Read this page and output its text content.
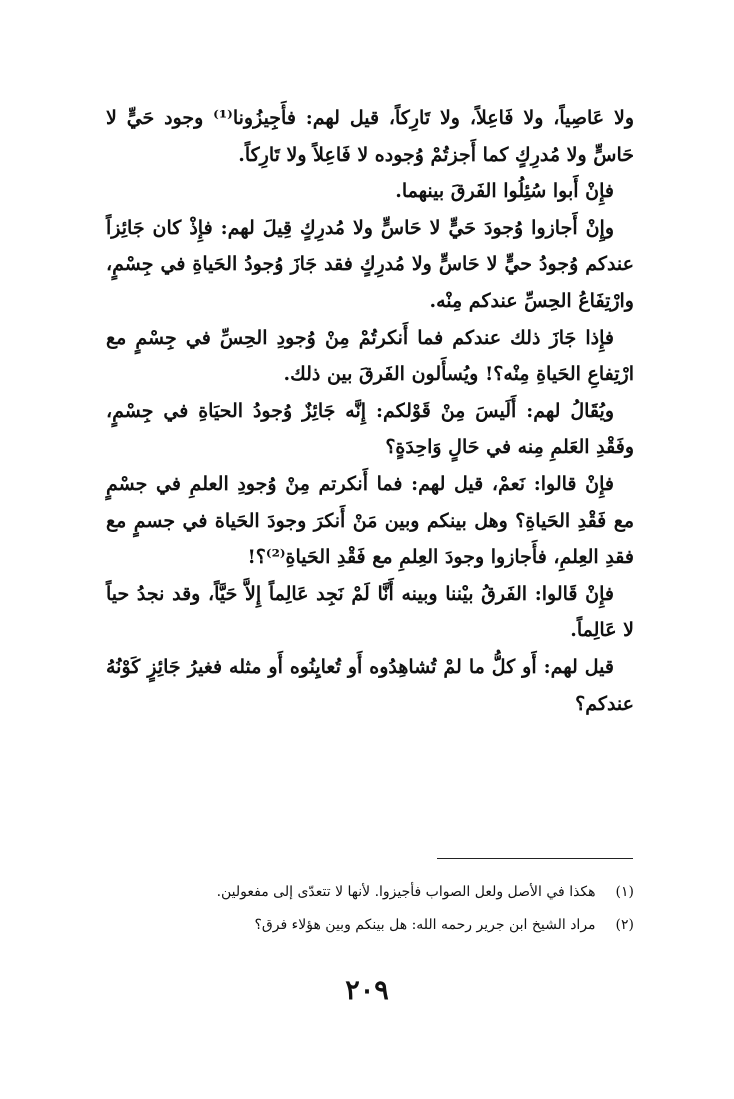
ولا عَاصِياً، ولا فَاعِلاً، ولا تَارِكاً، قيل لهم: فأَجِيزُونا⁽¹⁾ وجود حَيٍّ لا حَاسٍّ ولا مُدرِكٍ كما أَجزتُمْ وُجوده لا فَاعِلاً ولا تَارِكاً.

فإِنْ أَبوا سُئِلُوا الفَرقَ بينهما.

وإِنْ أَجازوا وُجودَ حَيٍّ لا حَاسٍّ ولا مُدرِكٍ قِيلَ لهم: فإِذْ كان جَائِزاً عندكم وُجودُ حيٍّ لا حَاسٍّ ولا مُدرِكٍ فقد جَازَ وُجودُ الحَياةِ في جِسْمٍ، وارْتِفَاعُ الحِسِّ عندكم مِنْه.

فإِذا جَازَ ذلك عندكم فما أَنكرتُمْ مِنْ وُجودِ الحِسِّ في جِسْمٍ مع ارْتِفاعِ الحَياةِ مِنْه؟! ويُسأَلون الفَرقَ بين ذلك.

ويُقَالُ لهم: أَلَيسَ مِنْ قَوْلكم: إِنَّه جَائِزٌ وُجودُ الحيَاةِ في جِسْمٍ، وفَقْدِ العَلمِ مِنه في حَالٍ وَاحِدَةٍ؟

فإِنْ قالوا: نَعمْ، قيل لهم: فما أَنكرتم مِنْ وُجودِ العلمِ في جسْمٍ مع فَقْدِ الحَياةِ؟ وهل بينكم وبين مَنْ أَنكرَ وجودَ الحَياة في جسمٍ مع فقدِ العِلمِ، فأَجازوا وجودَ العِلمِ مع فَقْدِ الحَياةِ⁽²⁾؟!

فإِنْ قَالوا: الفَرقُ بيْننا وبينه أَنَّا لَمْ نَجِد عَالِماً إِلاَّ حَيَّاً، وقد نجدُ حياً لا عَالِماً.

قيل لهم: أَو كلُّ ما لمْ تُشاهِدُوه أَو تُعايِنُوه أَو مثله فغيرُ جَائِزٍ كَوْنُهُ عندكم؟

(١) هكذا في الأصل ولعل الصواب فأجيزوا. لأنها لا تتعدّى إلى مفعولين.

(٢) مراد الشيخ ابن جرير رحمه الله: هل بينكم وبين هؤلاء فرق؟

٢٠٩
